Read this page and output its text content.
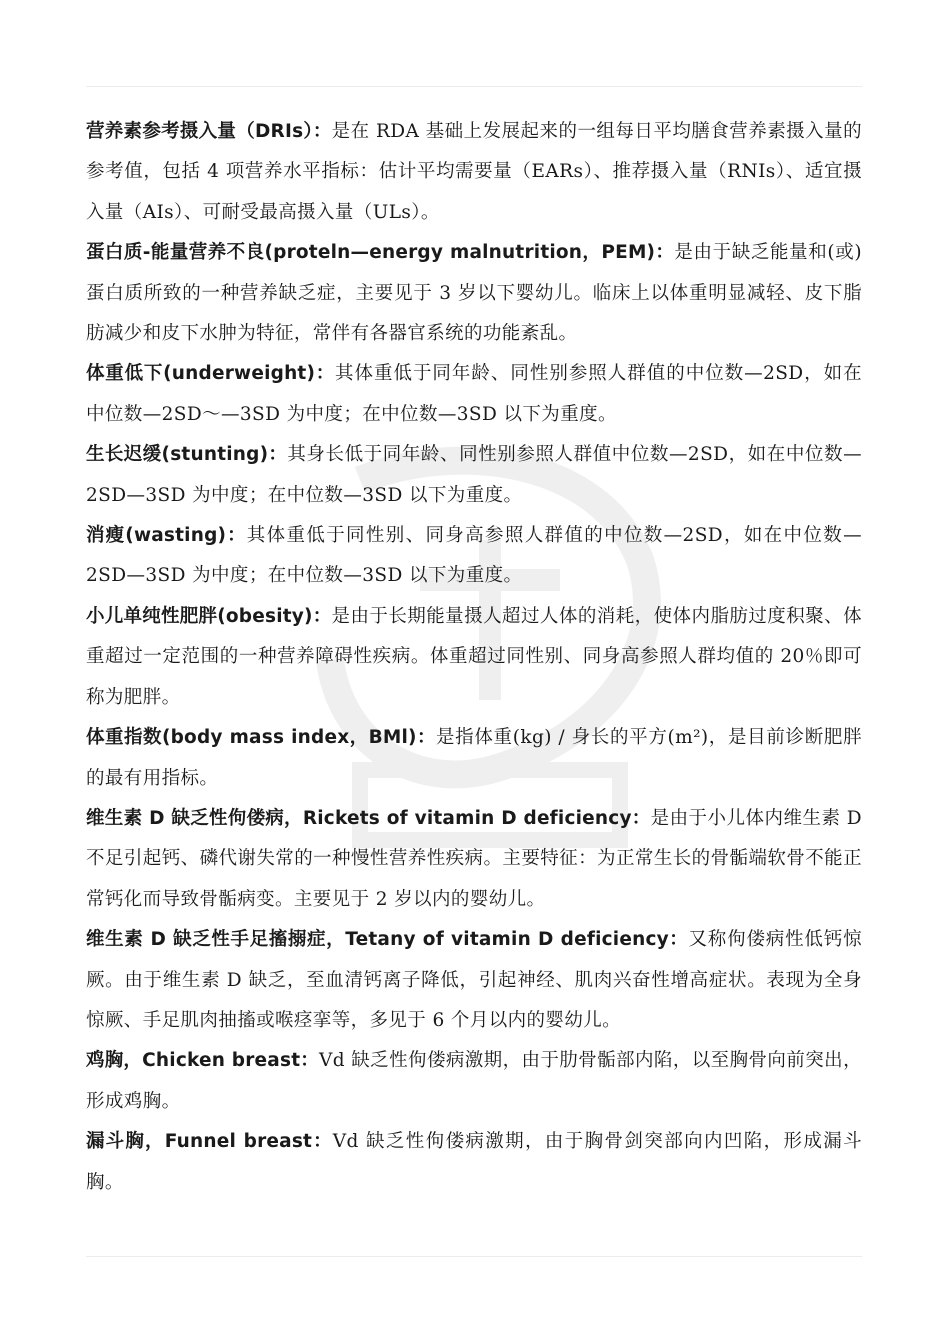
营养素参考摄入量（DRIs）：是在 RDA 基础上发展起来的一组每日平均膳食营养素摄入量的参考值，包括 4 项营养水平指标：估计平均需要量（EARs）、推荐摄入量（RNIs）、适宜摄入量（AIs）、可耐受最高摄入量（ULs）。

蛋白质-能量营养不良(proteln—energy malnutrition，PEM)：是由于缺乏能量和(或)蛋白质所致的一种营养缺乏症，主要见于 3 岁以下婴幼儿。临床上以体重明显减轻、皮下脂肪减少和皮下水肿为特征，常伴有各器官系统的功能紊乱。

体重低下(underweight)：其体重低于同年龄、同性别参照人群值的中位数—2SD，如在中位数—2SD～—3SD 为中度；在中位数—3SD 以下为重度。

生长迟缓(stunting)：其身长低于同年龄、同性别参照人群值中位数—2SD，如在中位数—2SD—3SD 为中度；在中位数—3SD 以下为重度。

消瘦(wasting)：其体重低于同性别、同身高参照人群值的中位数—2SD，如在中位数—2SD—3SD 为中度；在中位数—3SD 以下为重度。

小儿单纯性肥胖(obesity)：是由于长期能量摄人超过人体的消耗，使体内脂肪过度积聚、体重超过一定范围的一种营养障碍性疾病。体重超过同性别、同身高参照人群均值的 20％即可称为肥胖。

体重指数(body mass index，BMl)：是指体重(kg) / 身长的平方(m²)，是目前诊断肥胖的最有用指标。

维生素 D 缺乏性佝偻病，Rickets of vitamin D deficiency：是由于小儿体内维生素 D 不足引起钙、磷代谢失常的一种慢性营养性疾病。主要特征：为正常生长的骨骺端软骨不能正常钙化而导致骨骺病变。主要见于 2 岁以内的婴幼儿。

维生素 D 缺乏性手足搐搦症，Tetany of vitamin D deficiency：又称佝偻病性低钙惊厥。由于维生素 D 缺乏，至血清钙离子降低，引起神经、肌肉兴奋性增高症状。表现为全身惊厥、手足肌肉抽搐或喉痉挛等，多见于 6 个月以内的婴幼儿。

鸡胸，Chicken breast：Vd 缺乏性佝偻病激期，由于肋骨骺部内陷，以至胸骨向前突出，形成鸡胸。

漏斗胸，Funnel breast：Vd 缺乏性佝偻病激期，由于胸骨剑突部向内凹陷，形成漏斗胸。
